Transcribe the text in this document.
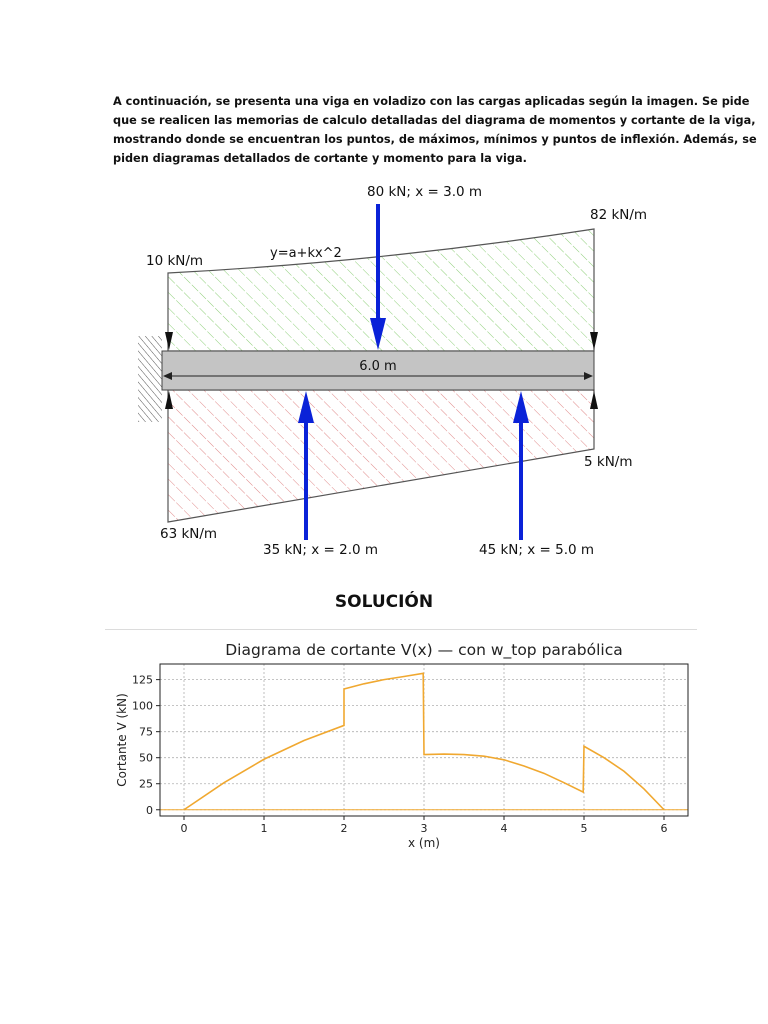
A continuación, se presenta una viga en voladizo con las cargas aplicadas según la imagen. Se pide
que se realicen las memorias de calculo detalladas del diagrama de momentos y cortante de la viga,
mostrando donde se encuentran los puntos, de máximos, mínimos y puntos de inflexión. Además, se
piden diagramas detallados de cortante y momento para la viga.
6.0 m
80 kN; x = 3.0 m
82 kN/m
10 kN/m	y=a+kx^2
5 kN/m
63 kN/m
35 kN; x = 2.0 m	45 kN; x = 5.0 m
SOLUCIÓN
Diagrama de cortante V(x) — con w_top parabólica
0	1	2	3	4	5	6
0
25
50
75
100
125
x (m)
Cortante V (kN)
